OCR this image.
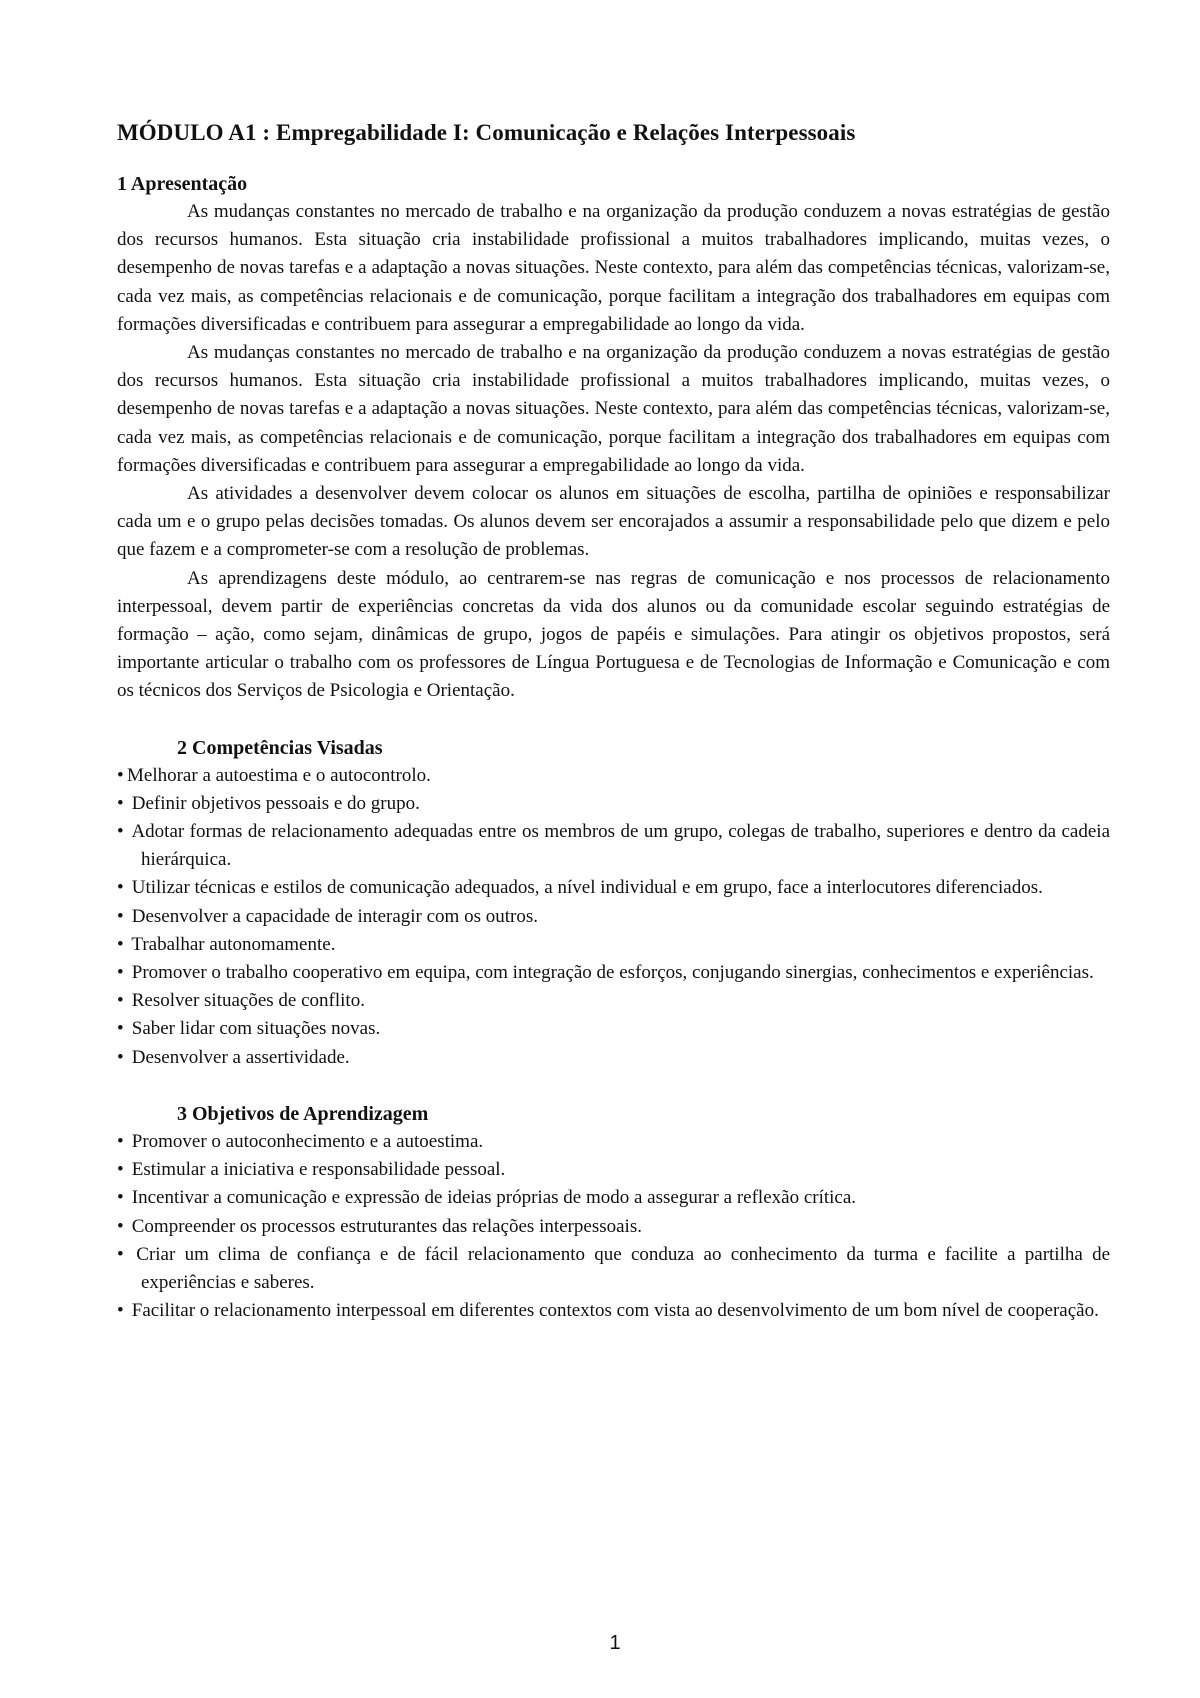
MÓDULO A1 : Empregabilidade I: Comunicação e Relações Interpessoais
1 Apresentação

As mudanças constantes no mercado de trabalho e na organização da produção conduzem a novas estratégias de gestão dos recursos humanos. Esta situação cria instabilidade profissional a muitos trabalhadores implicando, muitas vezes, o desempenho de novas tarefas e a adaptação a novas situações. Neste contexto, para além das competências técnicas, valorizam-se, cada vez mais, as competências relacionais e de comunicação, porque facilitam a integração dos trabalhadores em equipas com formações diversificadas e contribuem para assegurar a empregabilidade ao longo da vida.

As mudanças constantes no mercado de trabalho e na organização da produção conduzem a novas estratégias de gestão dos recursos humanos. Esta situação cria instabilidade profissional a muitos trabalhadores implicando, muitas vezes, o desempenho de novas tarefas e a adaptação a novas situações. Neste contexto, para além das competências técnicas, valorizam-se, cada vez mais, as competências relacionais e de comunicação, porque facilitam a integração dos trabalhadores em equipas com formações diversificadas e contribuem para assegurar a empregabilidade ao longo da vida.

As atividades a desenvolver devem colocar os alunos em situações de escolha, partilha de opiniões e responsabilizar cada um e o grupo pelas decisões tomadas. Os alunos devem ser encorajados a assumir a responsabilidade pelo que dizem e pelo que fazem e a comprometer-se com a resolução de problemas.

As aprendizagens deste módulo, ao centrarem-se nas regras de comunicação e nos processos de relacionamento interpessoal, devem partir de experiências concretas da vida dos alunos ou da comunidade escolar seguindo estratégias de formação – ação, como sejam, dinâmicas de grupo, jogos de papéis e simulações. Para atingir os objetivos propostos, será importante articular o trabalho com os professores de Língua Portuguesa e de Tecnologias de Informação e Comunicação e com os técnicos dos Serviços de Psicologia e Orientação.

2 Competências Visadas
• Melhorar a autoestima e o autocontrolo.
• Definir objetivos pessoais e do grupo.
• Adotar formas de relacionamento adequadas entre os membros de um grupo, colegas de trabalho, superiores e dentro da cadeia hierárquica.
• Utilizar técnicas e estilos de comunicação adequados, a nível individual e em grupo, face a interlocutores diferenciados.
• Desenvolver a capacidade de interagir com os outros.
• Trabalhar autonomamente.
• Promover o trabalho cooperativo em equipa, com integração de esforços, conjugando sinergias, conhecimentos e experiências.
• Resolver situações de conflito.
• Saber lidar com situações novas.
• Desenvolver a assertividade.
3 Objetivos de Aprendizagem
• Promover o autoconhecimento e a autoestima.
• Estimular a iniciativa e responsabilidade pessoal.
• Incentivar a comunicação e expressão de ideias próprias de modo a assegurar a reflexão crítica.
• Compreender os processos estruturantes das relações interpessoais.
• Criar um clima de confiança e de fácil relacionamento que conduza ao conhecimento da turma e facilite a partilha de experiências e saberes.
• Facilitar o relacionamento interpessoal em diferentes contextos com vista ao desenvolvimento de um bom nível de cooperação.
1
